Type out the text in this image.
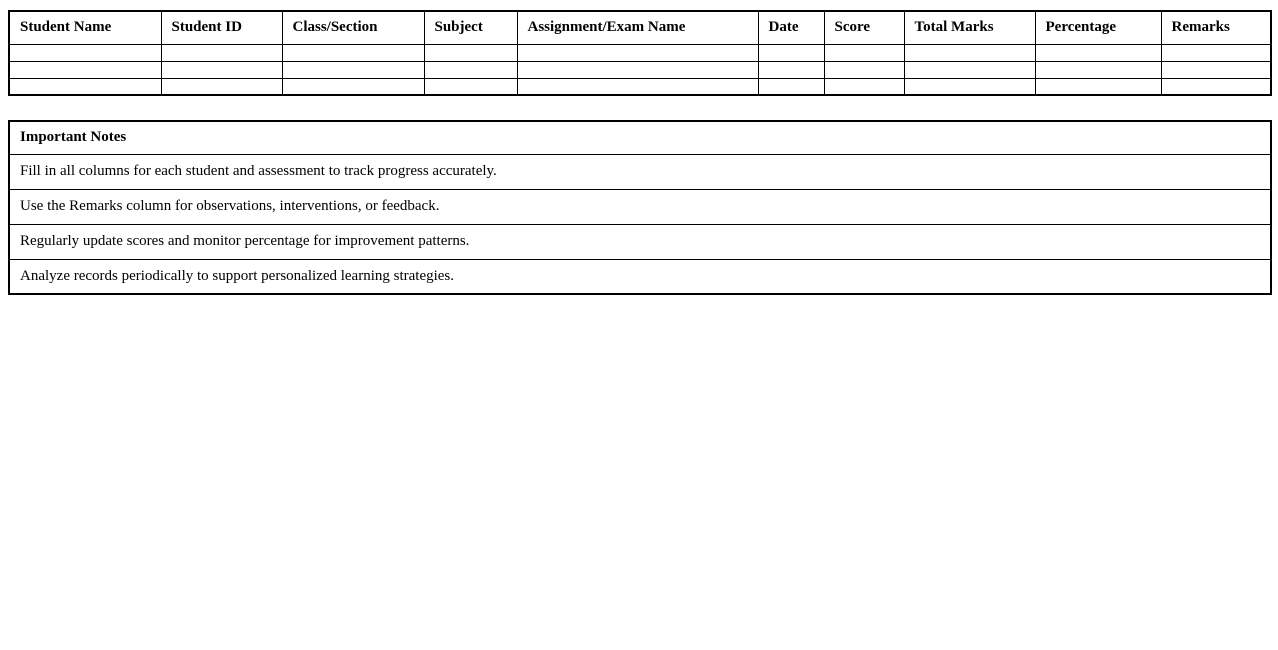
Student Name	Student ID	Class/Section	Subject	Assignment/Exam Name	Date	Score	Total Marks	Percentage	Remarks

Important Notes
Fill in all columns for each student and assessment to track progress accurately.
Use the Remarks column for observations, interventions, or feedback.
Regularly update scores and monitor percentage for improvement patterns.
Analyze records periodically to support personalized learning strategies.
